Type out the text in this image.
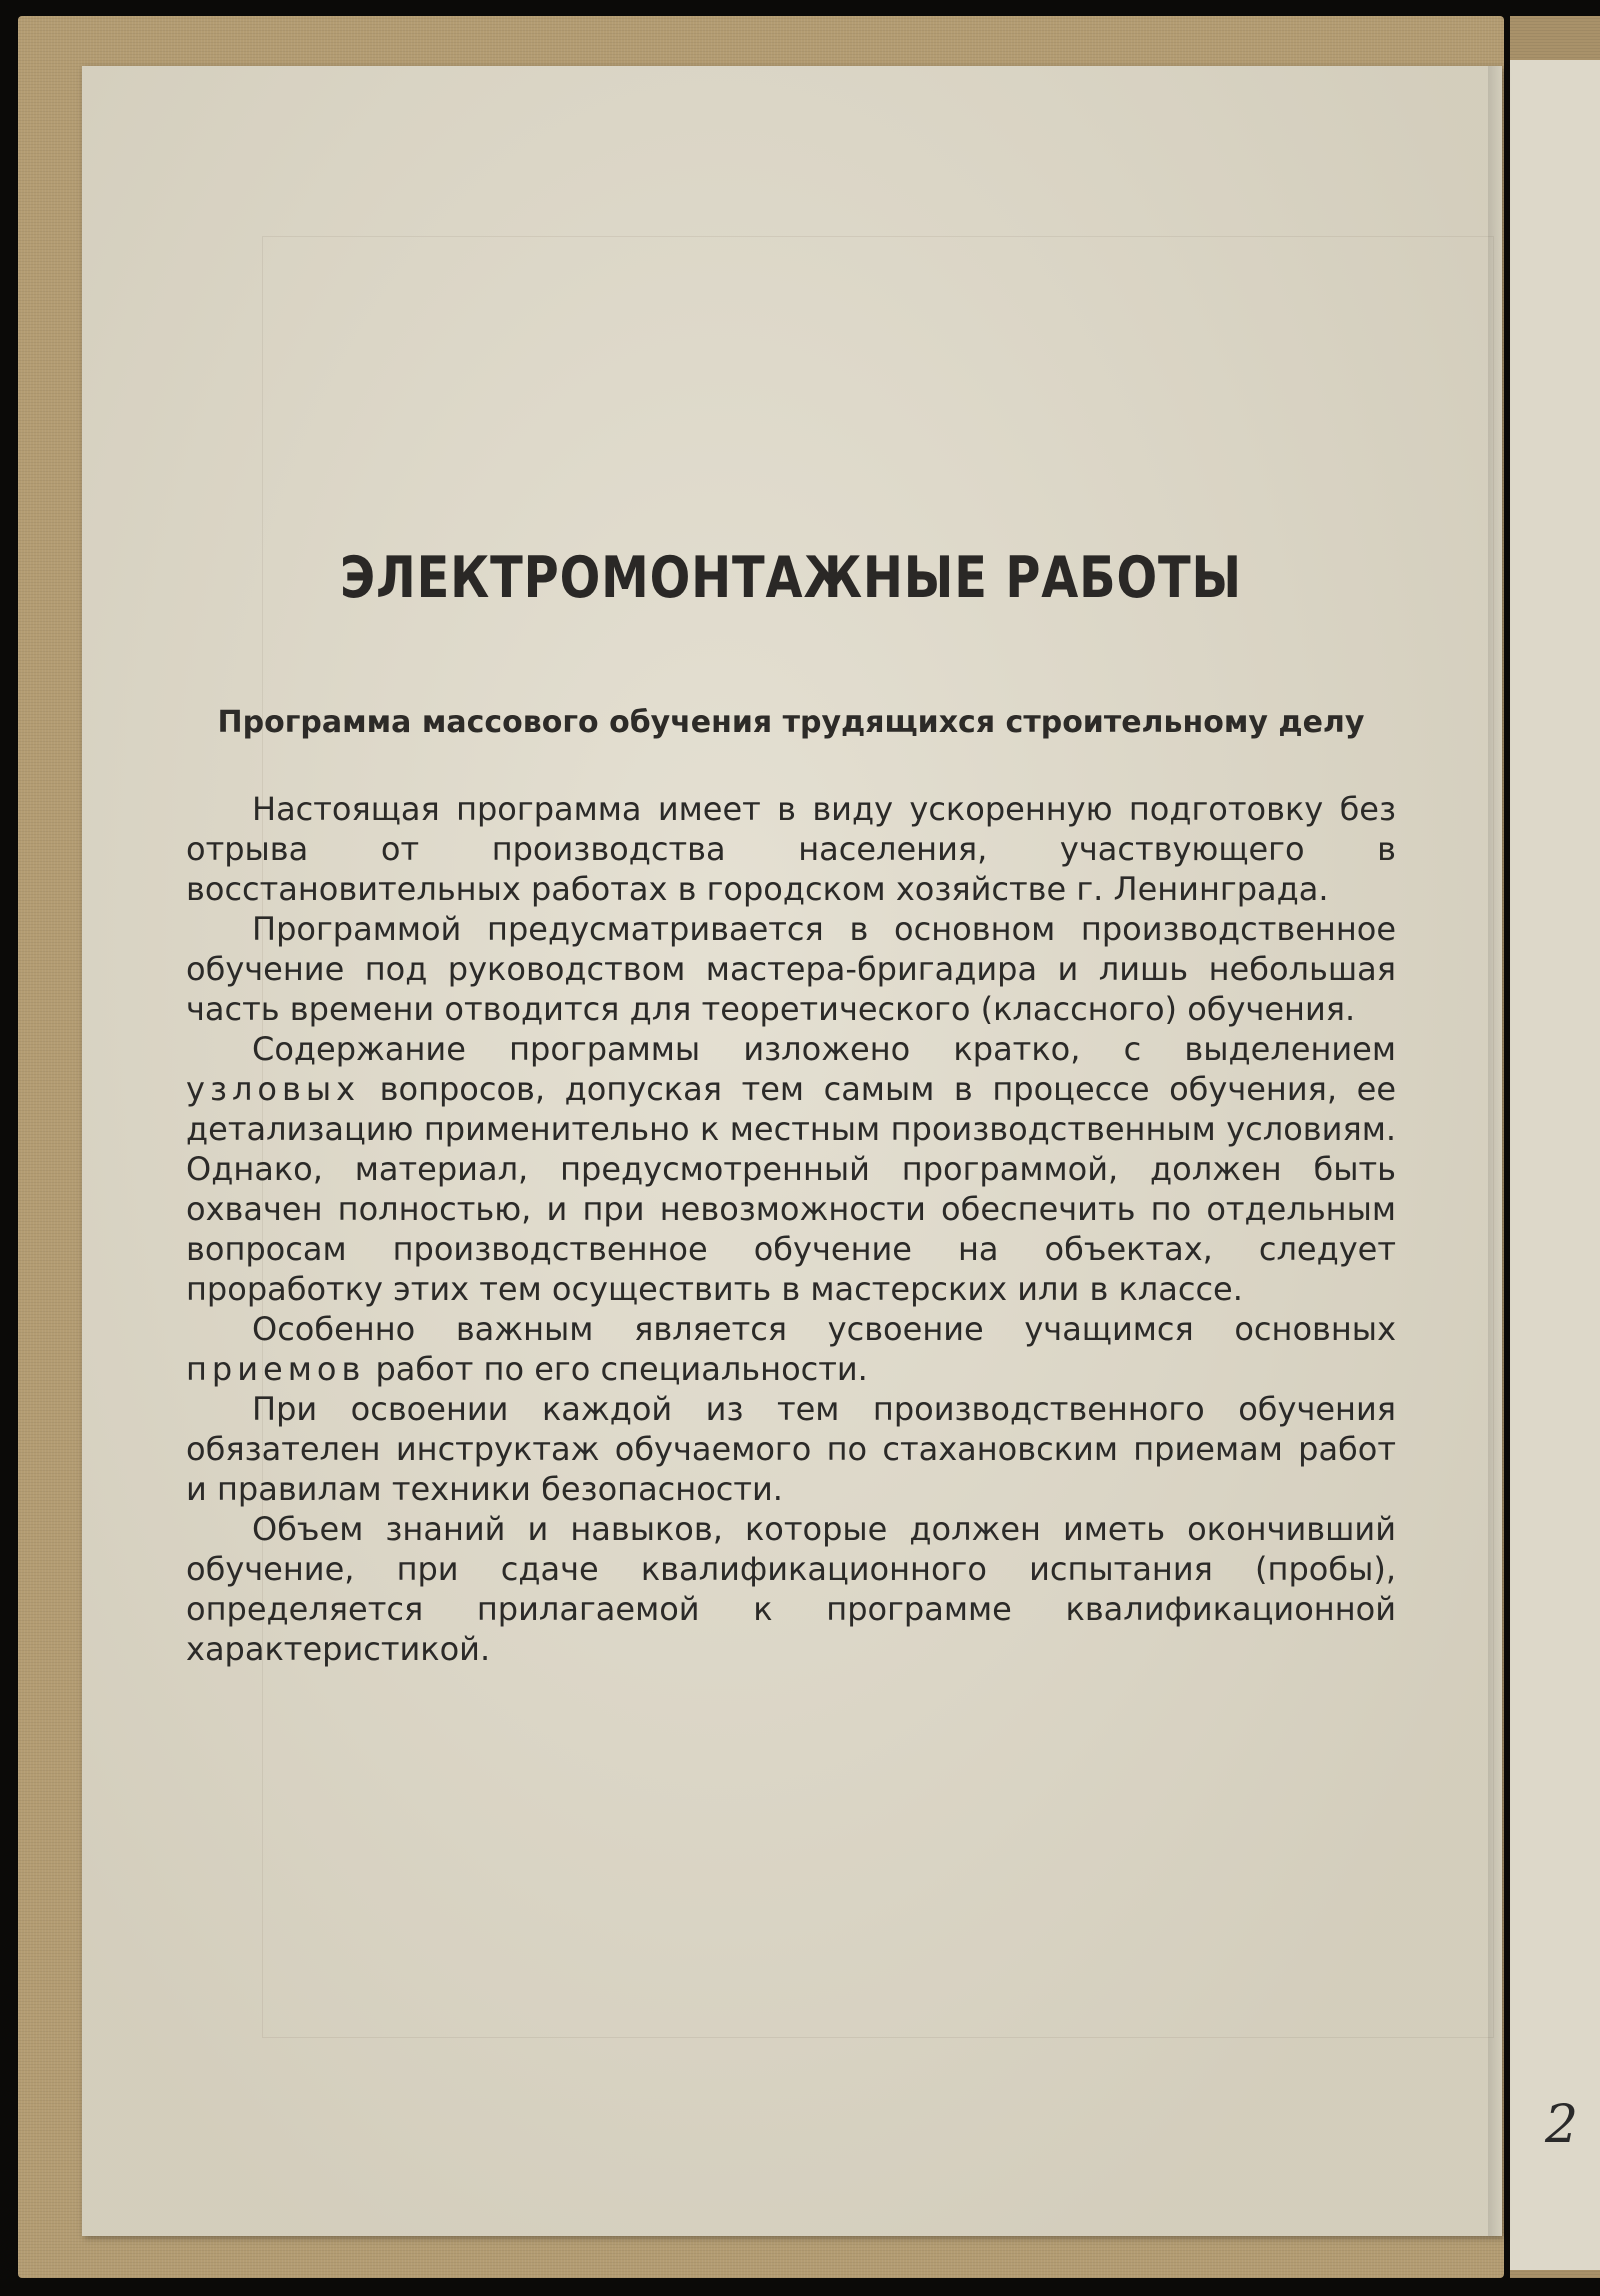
2
ЭЛЕКТРОМОНТАЖНЫЕ РАБОТЫ
Программа массового обучения трудящихся строительному делу

Настоящая программа имеет в виду ускоренную подготовку без отрыва от производства населения, участвующего в восстановительных работах в городском хозяйстве г. Ленинграда.

Программой предусматривается в основном производственное обучение под руководством мастера-бригадира и лишь небольшая часть времени отводится для теоретического (классного) обучения.

Содержание программы изложено кратко, с выделением узловых вопросов, допуская тем самым в процессе обучения, ее детализацию применительно к местным производственным условиям. Однако, материал, предусмотренный программой, должен быть охвачен полностью, и при невозможности обеспечить по отдельным вопросам производственное обучение на объектах, следует проработку этих тем осуществить в мастерских или в классе.

Особенно важным является усвоение учащимся основных приемов работ по его специальности.

При освоении каждой из тем производственного обучения обязателен инструктаж обучаемого по стахановским приемам работ и правилам техники безопасности.

Объем знаний и навыков, которые должен иметь окончивший обучение, при сдаче квалификационного испытания (пробы), определяется прилагаемой к программе квалификационной характеристикой.
